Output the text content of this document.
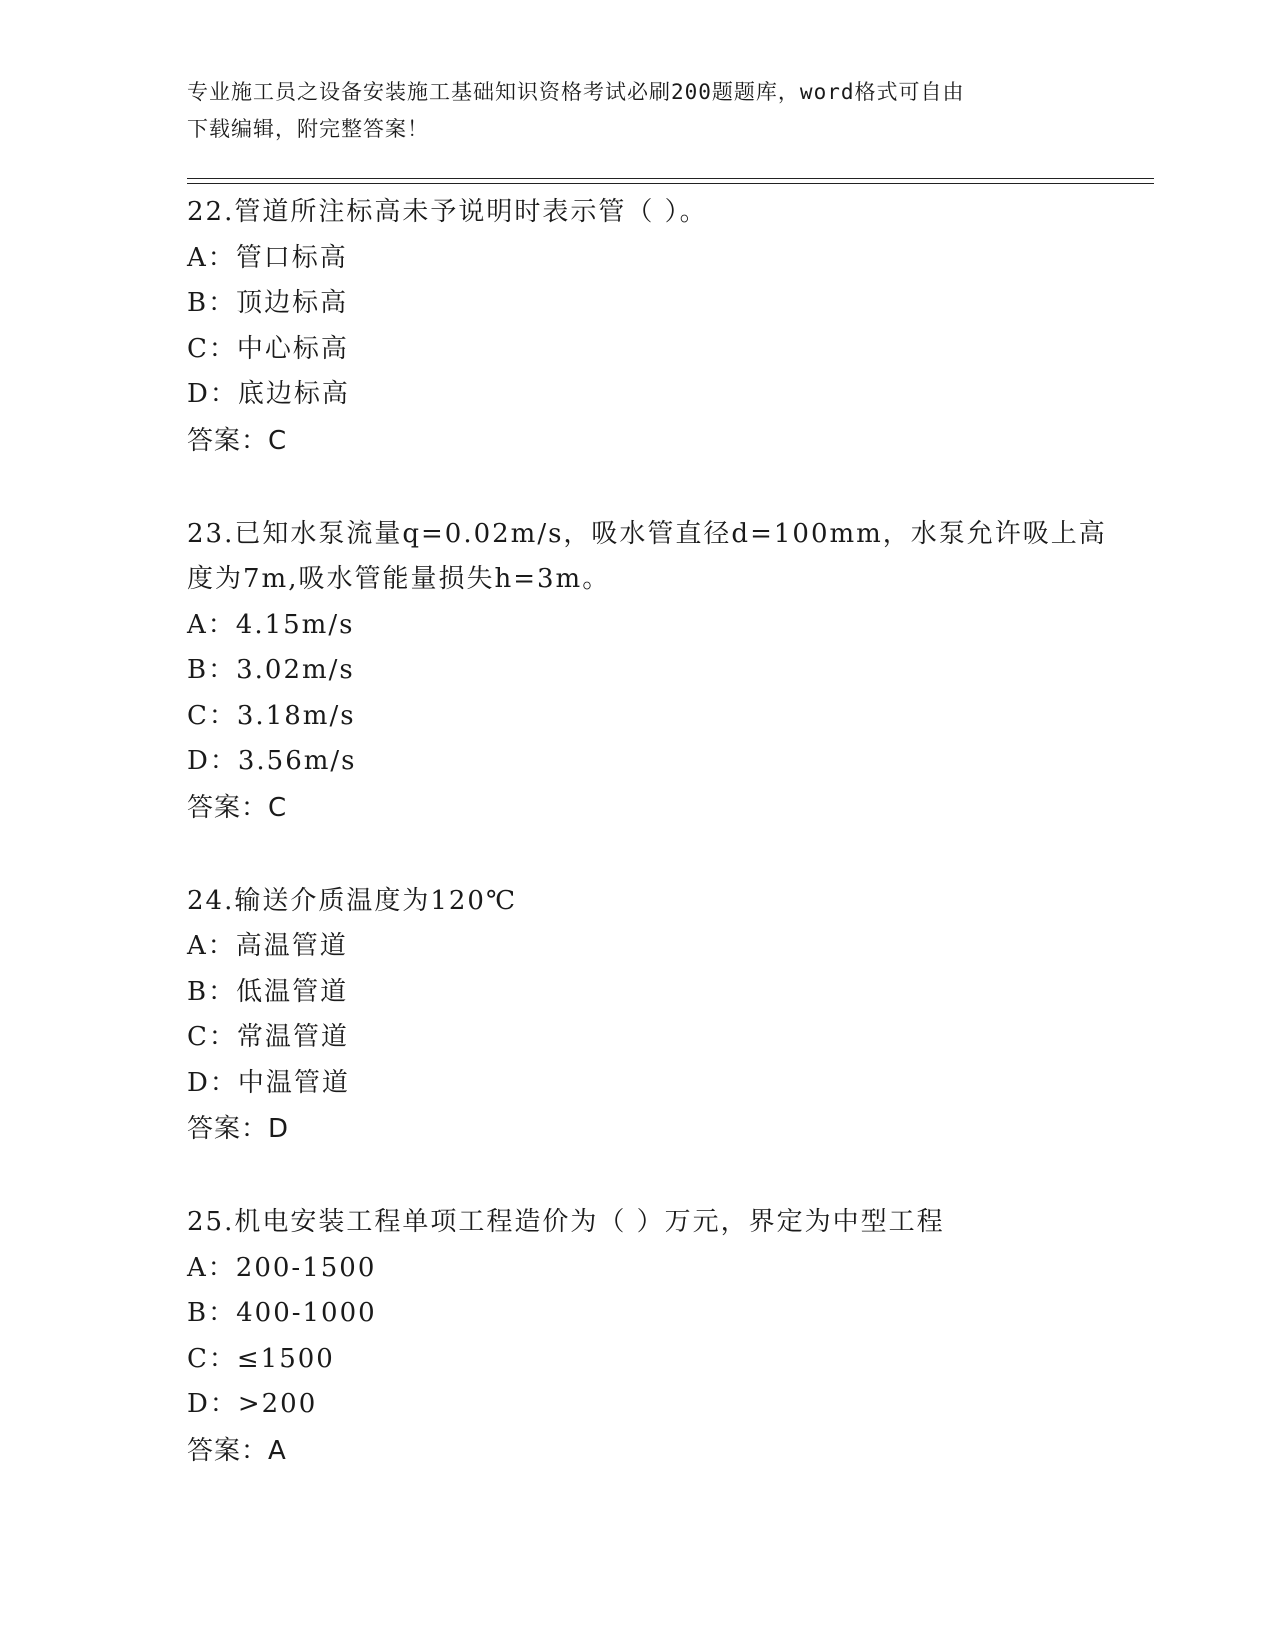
专业施工员之设备安装施工基础知识资格考试必刷200题题库，word格式可自由
下载编辑，附完整答案！
22.管道所注标高未予说明时表示管（ ）。
A：管口标高
B：顶边标高
C：中心标高
D：底边标高
答案：C
23.已知水泵流量q=0.02m/s，吸水管直径d=100mm，水泵允许吸上高
度为7m,吸水管能量损失h=3m。
A：4.15m/s
B：3.02m/s
C：3.18m/s
D：3.56m/s
答案：C
24.输送介质温度为120℃
A：高温管道
B：低温管道
C：常温管道
D：中温管道
答案：D
25.机电安装工程单项工程造价为（ ）万元，界定为中型工程
A：200-1500
B：400-1000
C：≤1500
D：>200
答案：A
